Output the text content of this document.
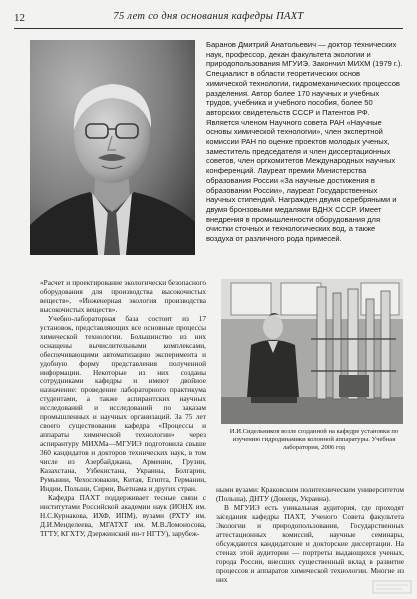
12	75 лет со дня основания кафедры ПАХТ

Баранов Дмитрий Анатольевич — доктор технических наук, профессор, декан факультета экологии и природопользования МГУИЭ. Закончил МИХМ (1979 г.). Специалист в области теоретических основ химической технологии, гидромеханических процессов разделения. Автор более 170 научных и учебных трудов, учебника и учебного пособия, более 50 авторских свидетельств СССР и Патентов РФ. Является членом Научного совета РАН «Научные основы химической технологии», член экспертной комиссии РАН по оценке проектов молодых ученых, заместитель председателя и член диссертационных советов, член оргкомитетов Международных научных конференций. Лауреат премии Министерства образования России «За научные достижения в образовании России», лауреат Государственных научных стипендий. Награжден двумя серебряными и двумя бронзовыми медалями ВДНХ СССР. Имеет внедрения в промышленности оборудования для очистки сточных и технологических вод, а также воздуха от различного рода примесей.

«Расчет и проектирование экологически безопасного оборудования для производства высокочистых веществ», «Инженерная экология производства высокочистых веществ».

Учебно-лабораторная база состоит из 17 установок, представляющих все основные процессы химической технологии. Большинство из них оснащены вычислительными комплексами, обеспечивающими автоматизацию эксперимента и удобную форму представления полученной информации. Некоторые из них созданы сотрудниками кафедры и имеют двойное назначение: проведение лабораторного практикума студентами, а также аспирантских научных исследований и исследований по заказам промышленных и научных организаций. За 75 лет своего существования кафедра «Процессы и аппараты химической технологии» через аспирантуру МИХМа—МГУИЭ подготовила свыше 360 кандидатов и докторов технических наук, в том числе из Азербайджана, Армении, Грузии, Казахстана, Узбекистана, Украины, Болгарии, Румынии, Чехословакии, Китая, Египта, Германии, Индии, Польши, Сирии, Вьетнама и других стран.

Кафедра ПАХТ поддерживает тесные связи с институтами Российской академии наук (ИОНХ им. Н.С.Курнакова, ИХФ, ИПМ), вузами (РХТУ им. Д.И.Менделеева, МГАТХТ им. М.В.Ломоносова, ТГТУ, КГХТУ, Дзержинский ин-т НГТУ), зарубеж-

И.И.Сидельников возле созданной на кафедре установки по изучению гидродинамики колонной аппаратуры. Учебная лаборатория, 2006 год

ными вузами: Краковским политехническим университетом (Польша), ДНТУ (Донецк, Украина).

В МГУИЭ есть уникальная аудитория, где проходят заседания кафедры ПАХТ, Ученого Совета факультета Экологии и природопользования, Государственных аттестационных комиссий, научные семинары, обсуждаются кандидатские и докторские диссертации. На стенах этой аудитории — портреты выдающихся ученых, города России, внесших существенный вклад в развитие процессов и аппаратов химической технологии. Многие из них
